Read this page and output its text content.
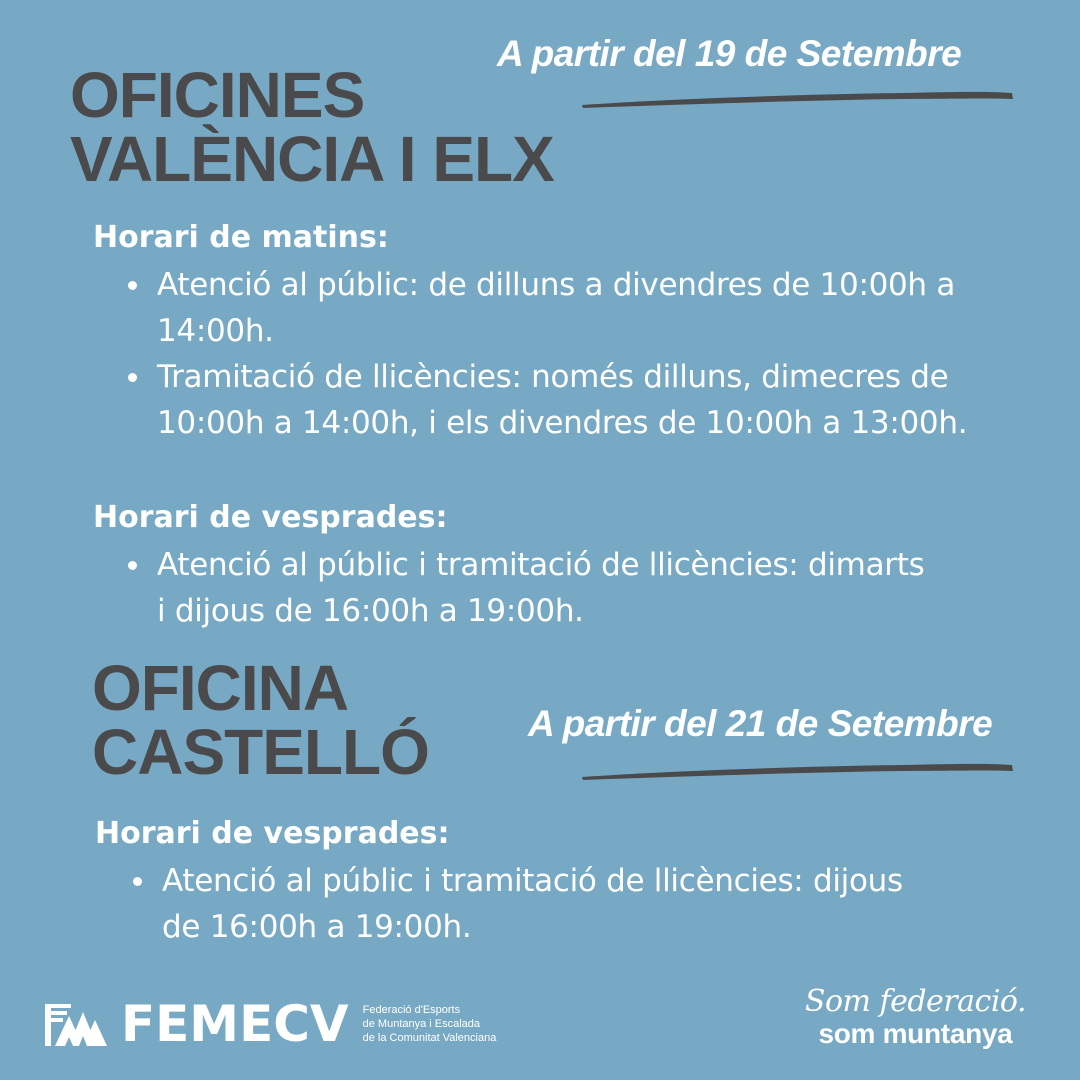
A partir del 19 de Setembre
OFICINES
VALÈNCIA I ELX
Horari de matins:
Atenció al públic: de dilluns a divendres de 10:00h a 14:00h.
Tramitació de llicències: només dilluns, dimecres de 10:00h a 14:00h, i els divendres de 10:00h a 13:00h.
Horari de vesprades:
Atenció al públic i tramitació de llicències: dimarts i dijous de 16:00h a 19:00h.
OFICINA
CASTELLÓ	A partir del 21 de Setembre
Horari de vesprades:
Atenció al públic i tramitació de llicències: dijous de 16:00h a 19:00h.
FEMECV Federació d'Esports
de Muntanya i Escalada
de la Comunitat Valenciana
Som federació.
som muntanya
